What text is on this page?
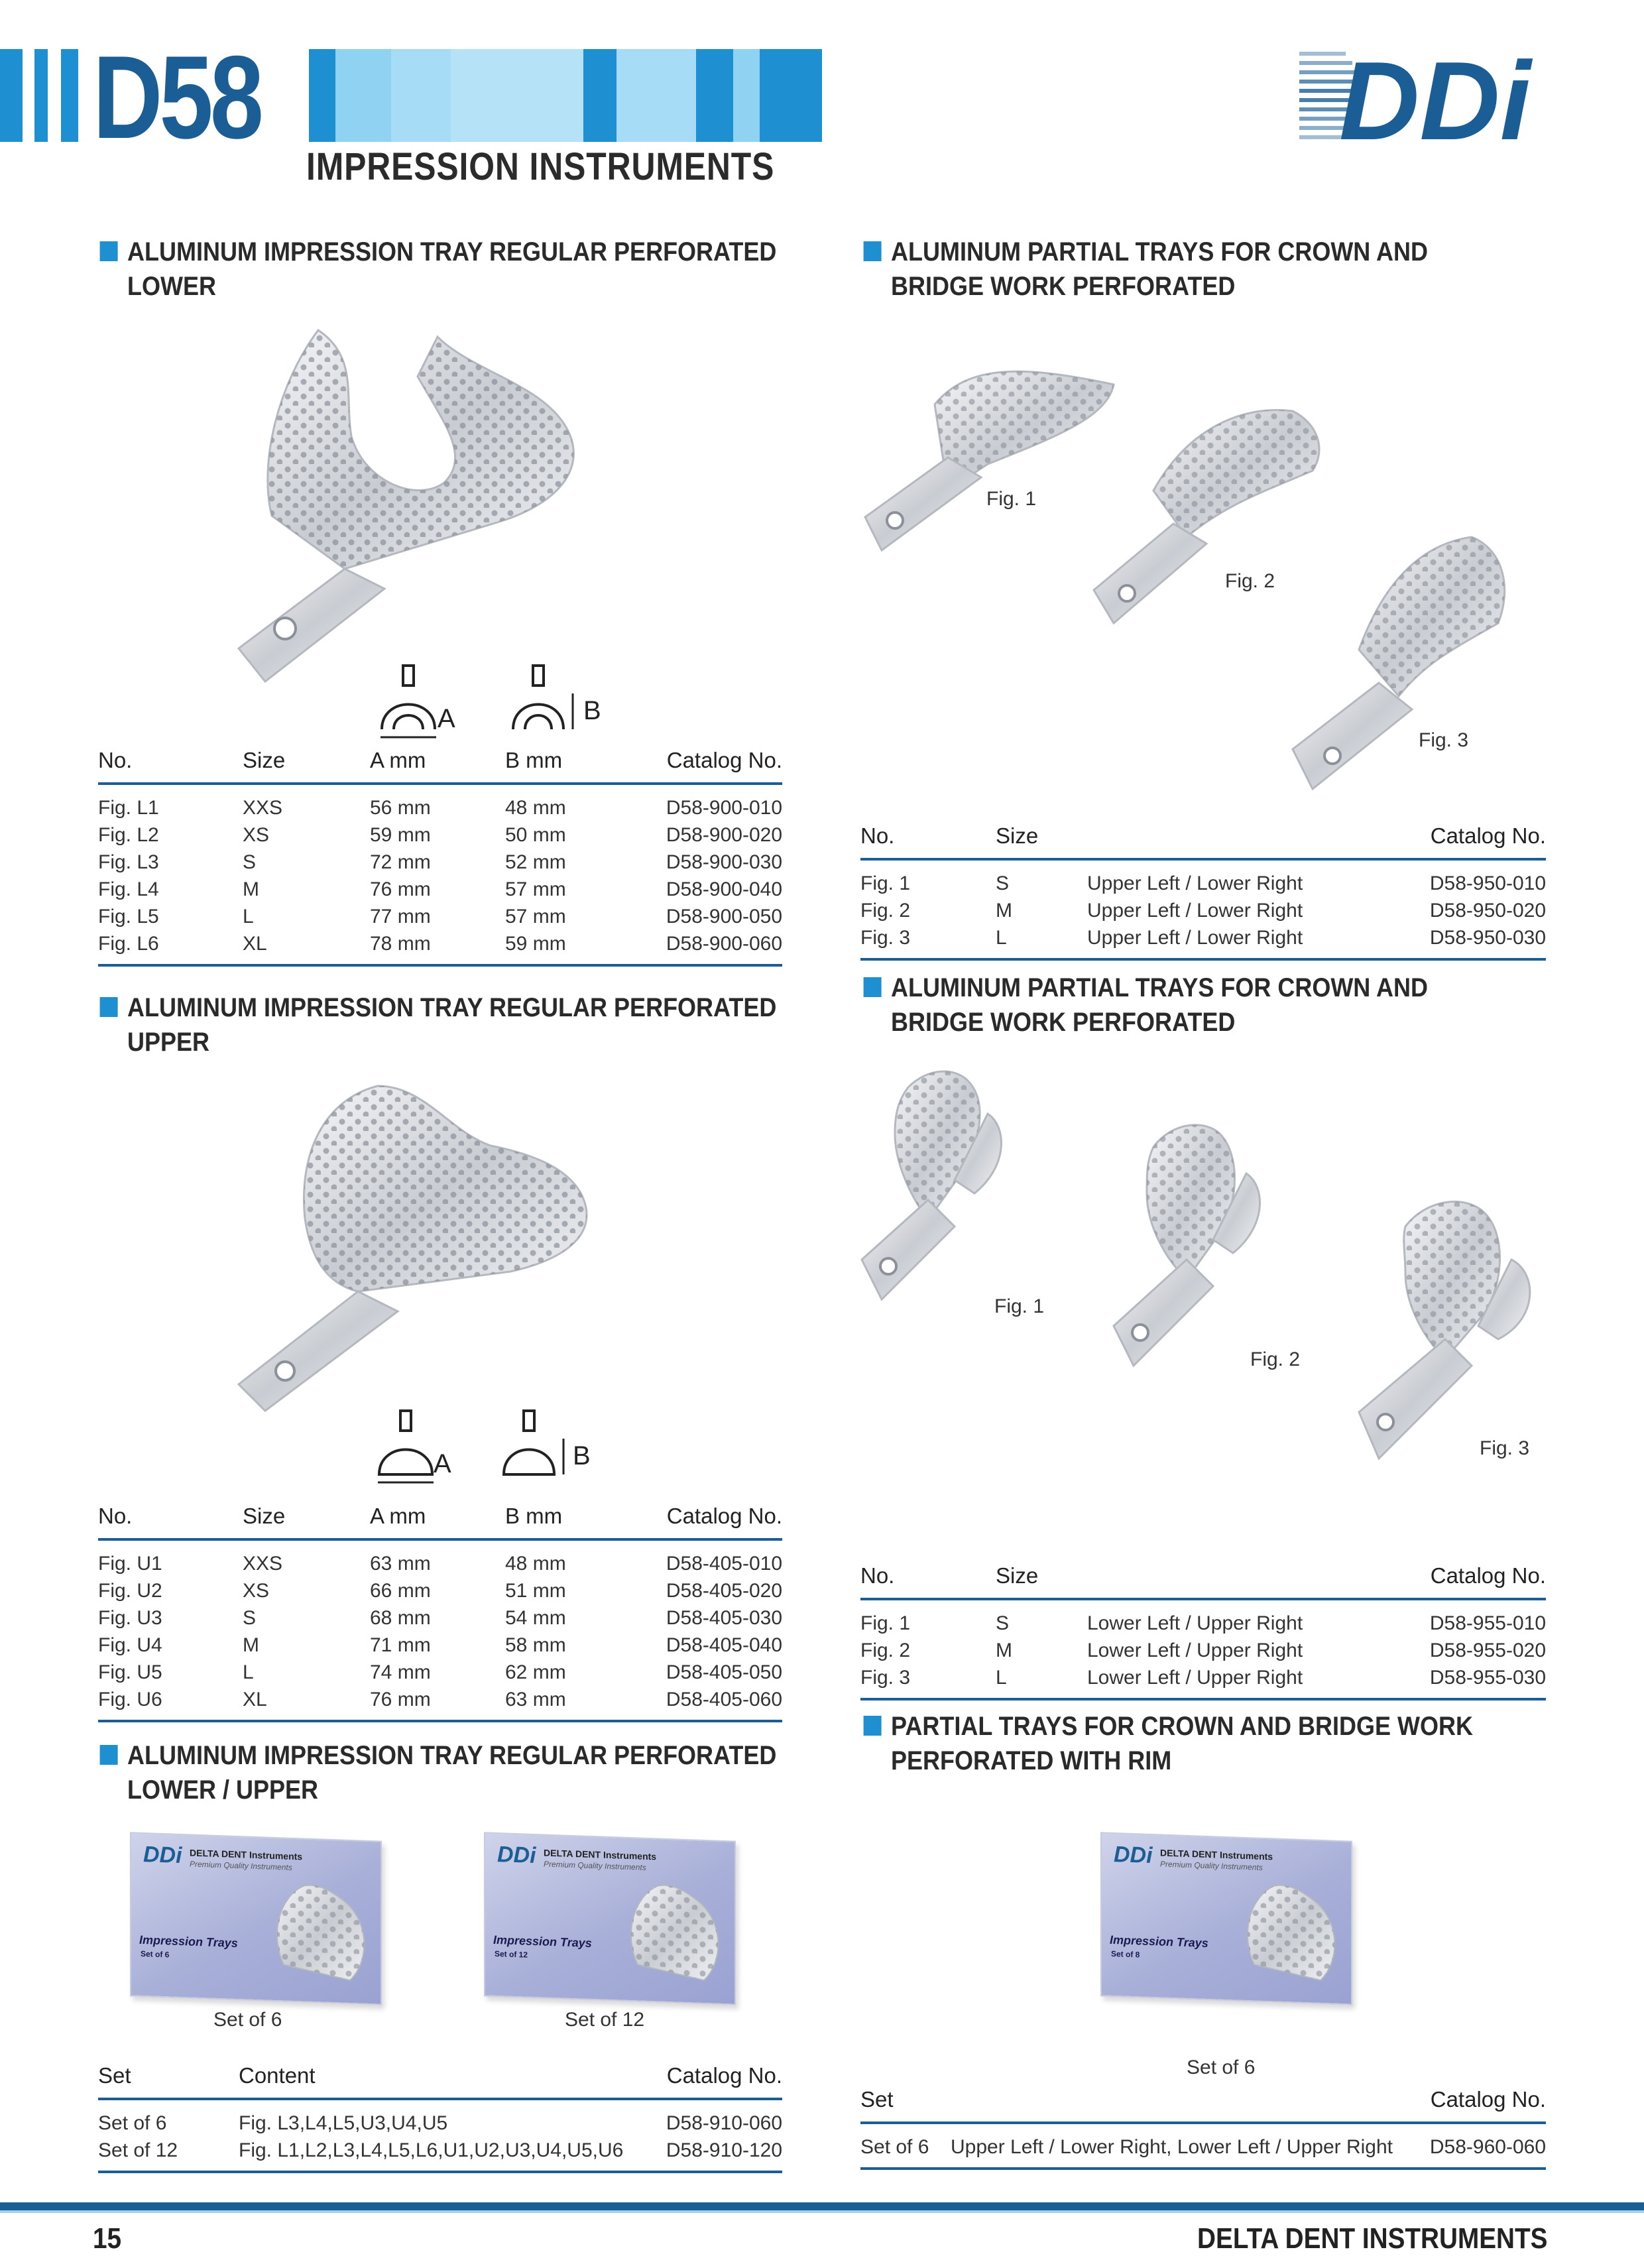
D58
IMPRESSION INSTRUMENTS
DDi
ALUMINUM IMPRESSION TRAY REGULAR PERFORATED LOWER
A	B
No.	Size	A mm	B mm	Catalog No.
Fig. L1	XXS	56 mm	48 mm	D58-900-010
Fig. L2	XS	59 mm	50 mm	D58-900-020
Fig. L3	S	72 mm	52 mm	D58-900-030
Fig. L4	M	76 mm	57 mm	D58-900-040
Fig. L5	L	77 mm	57 mm	D58-900-050
Fig. L6	XL	78 mm	59 mm	D58-900-060
ALUMINUM IMPRESSION TRAY REGULAR PERFORATED UPPER
A	B
No.	Size	A mm	B mm	Catalog No.
Fig. U1	XXS	63 mm	48 mm	D58-405-010
Fig. U2	XS	66 mm	51 mm	D58-405-020
Fig. U3	S	68 mm	54 mm	D58-405-030
Fig. U4	M	71 mm	58 mm	D58-405-040
Fig. U5	L	74 mm	62 mm	D58-405-050
Fig. U6	XL	76 mm	63 mm	D58-405-060
ALUMINUM IMPRESSION TRAY REGULAR PERFORATED LOWER / UPPER
DDi DELTA DENT Instruments
Premium Quality Instruments
Impression Trays
Set of 6
Set of 6
DDi DELTA DENT Instruments
Premium Quality Instruments
Impression Trays
Set of 12
Set of 12
Set	Content	Catalog No.
Set of 6	Fig. L3,L4,L5,U3,U4,U5	D58-910-060
Set of 12	Fig. L1,L2,L3,L4,L5,L6,U1,U2,U3,U4,U5,U6	D58-910-120
ALUMINUM PARTIAL TRAYS FOR CROWN AND BRIDGE WORK PERFORATED
Fig. 1
Fig. 2
Fig. 3
No.	Size		Catalog No.
Fig. 1	S	Upper Left / Lower Right	D58-950-010
Fig. 2	M	Upper Left / Lower Right	D58-950-020
Fig. 3	L	Upper Left / Lower Right	D58-950-030
ALUMINUM PARTIAL TRAYS FOR CROWN AND BRIDGE WORK PERFORATED
Fig. 1
Fig. 2
Fig. 3
No.	Size		Catalog No.
Fig. 1	S	Lower Left / Upper Right	D58-955-010
Fig. 2	M	Lower Left / Upper Right	D58-955-020
Fig. 3	L	Lower Left / Upper Right	D58-955-030
PARTIAL TRAYS FOR CROWN AND BRIDGE WORK PERFORATED WITH RIM
DDi DELTA DENT Instruments
Premium Quality Instruments
Impression Trays
Set of 8
Set of 6
Set		Catalog No.
Set of 6	Upper Left / Lower Right, Lower Left / Upper Right	D58-960-060
15	DELTA DENT INSTRUMENTS
